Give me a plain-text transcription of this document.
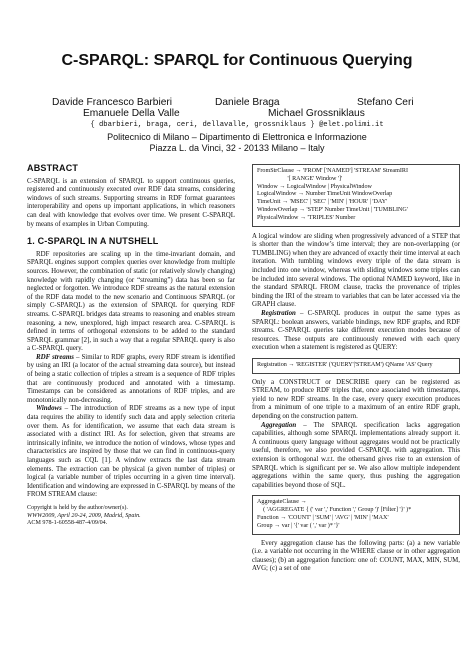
C-SPARQL: SPARQL for Continuous Querying
Davide Francesco Barbieri	Daniele Braga	Stefano Ceri
Emanuele Della Valle	Michael Grossniklaus
{ dbarbieri, braga, ceri, dellavalle, grossniklaus } @elet.polimi.it
Politecnico di Milano – Dipartimento di Elettronica e Informazione
Piazza L. da Vinci, 32 - 20133 Milano – Italy
ABSTRACT

C-SPARQL is an extension of SPARQL to support continuous queries, registered and continuously executed over RDF data streams, considering windows of such streams. Supporting streams in RDF format guarantees interoperability and opens up important applications, in which reasoners can deal with knowledge that evolves over time. We present C-SPARQL by means of examples in Urban Computing.

1. C-SPARQL IN A NUTSHELL

RDF repositories are scaling up in the time-invariant domain, and SPARQL engines support complex queries over knowledge from multiple sources. However, the combination of static (or relatively slowly changing) knowledge with rapidly changing (or “streaming”) data has been so far neglected or forgotten. We introduce RDF streams as the natural extension of the RDF data model to the new scenario and Continuous SPARQL (or simply C-SPARQL) as the extension of SPARQL for querying RDF streams. C-SPARQL bridges data streams to reasoning and enables stream reasoning, a new, unexplored, high impact research area. C-SPARQL is defined in terms of orthogonal extensions to be added to the standard SPARQL grammar [2], in such a way that a regular SPARQL query is also a C-SPARQL query.

RDF streams – Similar to RDF graphs, every RDF stream is identified by using an IRI (a locator of the actual streaming data source), but instead of being a static collection of triples a stream is a sequence of RDF triples that are continuously produced and annotated with a timestamp. Timestamps can be considered as annotations of RDF triples, and are monotonically non-decreasing.

Windows – The introduction of RDF streams as a new type of input data requires the ability to identify such data and apply selection criteria over them. As for identification, we assume that each data stream is associated with a distinct IRI. As for selection, given that streams are intrinsically infinite, we introduce the notion of windows, whose types and characteristics are inspired by those that we can find in continuous-query languages such as CQL [1]. A window extracts the last data stream elements. The extraction can be physical (a given number of triples) or logical (a variable number of triples occurring in a given time interval). Identification and windowing are expressed in C-SPARQL by means of the FROM STREAM clause:

Copyright is held by the author/owner(s).
WWW2009, April 20-24, 2009, Madrid, Spain.
ACM 978-1-60558-487-4/09/04.
FromStrClause → 'FROM' ['NAMED'] 'STREAM' StreamIRI
'[ RANGE' Window ']'
Window → LogicalWindow | PhysicalWindow
LogicalWindow → Number TimeUnit WindowOverlap
TimeUnit → 'MSEC' | 'SEC' | 'MIN' | 'HOUR' | 'DAY'
WindowOverlap → 'STEP' Number TimeUnit | 'TUMBLING'
PhysicalWindow → 'TRIPLES' Number

A logical window are sliding when progressively advanced of a STEP that is shorter than the window’s time interval; they are non-overlapping (or TUMBLING) when they are advanced of exactly their time interval at each iteration. With tumbling windows every triple of the data stream is included into one window, whereas with sliding windows some triples can be included into several windows. The optional NAMED keyword, like in the standard SPARQL FROM clause, tracks the provenance of triples binding the IRI of the stream to variables that can be later accessed via the GRAPH clause.

Registration – C-SPARQL produces in output the same types as SPARQL: boolean answers, variable bindings, new RDF graphs, and RDF streams. C-SPARQL queries take different execution modes because of resources. These outputs are continuously renewed with each query execution when a statement is registered as QUERY:

Registration → 'REGISTER' ('QUERY'|'STREAM') QName 'AS' Query

Only a CONSTRUCT or DESCRIBE query can be registered as STREAM, to produce RDF triples that, once associated with timestamps, yield to new RDF streams. In the case, every query execution produces from a minimum of one triple to a maximum of an entire RDF graph, depending on the construction pattern.

Aggregation – The SPARQL specification lacks aggregation capabilities, although some SPARQL implementations already support it. A continuous query language without aggregates would not be practically useful, therefore, we also provided C-SPARQL with aggregation. This extension is orthogonal w.r.t. the othersand gives rise to an extension of SPARQL which is significant per se. We also allow multiple independent aggregations within the same query, thus pushing the aggregation capabilities beyond those of SQL.

AggregateClause →
( 'AGGREGATE { (' var ',' Function ',' Group ')' [Filter] '}' )*
Function → 'COUNT' | 'SUM' | 'AVG' | 'MIN' | 'MAX'
Group → var | '{' var ( ',' var )* '}'

Every aggregation clause has the following parts: (a) a new variable (i.e. a variable not occurring in the WHERE clause or in other aggregation clauses); (b) an aggregation function: one of: COUNT, MAX, MIN, SUM, AVG; (c) a set of one
